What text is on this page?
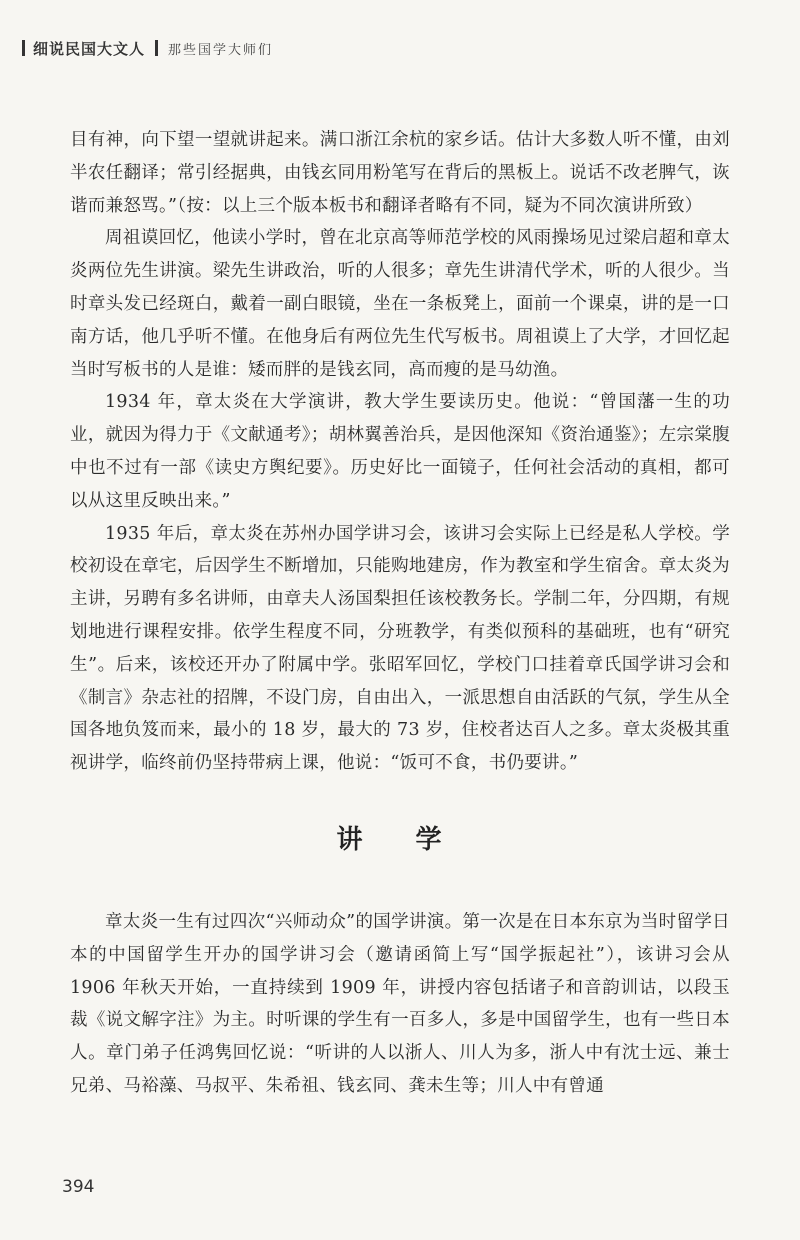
细说民国大文人 那些国学大师们

目有神，向下望一望就讲起来。满口浙江余杭的家乡话。估计大多数人听不懂，由刘半农任翻译；常引经据典，由钱玄同用粉笔写在背后的黑板上。说话不改老脾气，诙谐而兼怒骂。”（按：以上三个版本板书和翻译者略有不同，疑为不同次演讲所致）

周祖谟回忆，他读小学时，曾在北京高等师范学校的风雨操场见过梁启超和章太炎两位先生讲演。梁先生讲政治，听的人很多；章先生讲清代学术，听的人很少。当时章头发已经斑白，戴着一副白眼镜，坐在一条板凳上，面前一个课桌，讲的是一口南方话，他几乎听不懂。在他身后有两位先生代写板书。周祖谟上了大学，才回忆起当时写板书的人是谁：矮而胖的是钱玄同，高而瘦的是马幼渔。

1934 年，章太炎在大学演讲，教大学生要读历史。他说：“曾国藩一生的功业，就因为得力于《文献通考》；胡林翼善治兵，是因他深知《资治通鉴》；左宗棠腹中也不过有一部《读史方舆纪要》。历史好比一面镜子，任何社会活动的真相，都可以从这里反映出来。”

1935 年后，章太炎在苏州办国学讲习会，该讲习会实际上已经是私人学校。学校初设在章宅，后因学生不断增加，只能购地建房，作为教室和学生宿舍。章太炎为主讲，另聘有多名讲师，由章夫人汤国梨担任该校教务长。学制二年，分四期，有规划地进行课程安排。依学生程度不同，分班教学，有类似预科的基础班，也有“研究生”。后来，该校还开办了附属中学。张昭军回忆，学校门口挂着章氏国学讲习会和《制言》杂志社的招牌，不设门房，自由出入，一派思想自由活跃的气氛，学生从全国各地负笈而来，最小的 18 岁，最大的 73 岁，住校者达百人之多。章太炎极其重视讲学，临终前仍坚持带病上课，他说：“饭可不食，书仍要讲。”

讲 学

章太炎一生有过四次“兴师动众”的国学讲演。第一次是在日本东京为当时留学日本的中国留学生开办的国学讲习会（邀请函简上写“国学振起社”），该讲习会从 1906 年秋天开始，一直持续到 1909 年，讲授内容包括诸子和音韵训诂，以段玉裁《说文解字注》为主。时听课的学生有一百多人，多是中国留学生，也有一些日本人。章门弟子任鸿隽回忆说：“听讲的人以浙人、川人为多，浙人中有沈士远、兼士兄弟、马裕藻、马叔平、朱希祖、钱玄同、龚未生等；川人中有曾通

394
